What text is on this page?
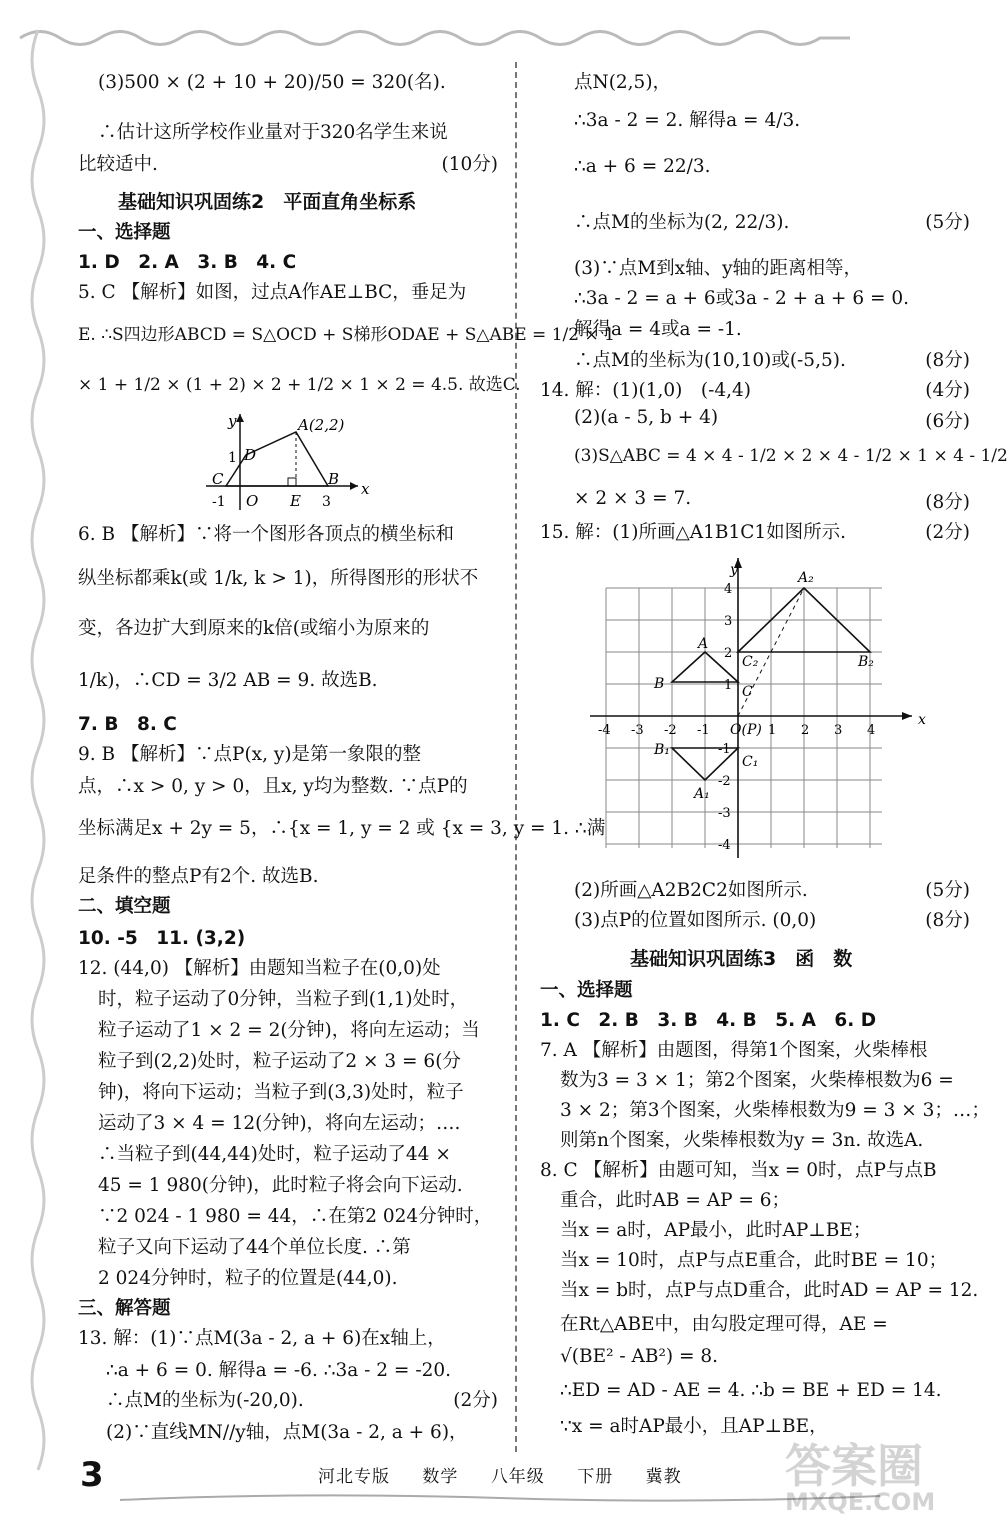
(3)500 × (2 + 10 + 20)/50 = 320(名).
∴估计这所学校作业量对于320名学生来说
比较适中.	(10分)
基础知识巩固练2　平面直角坐标系
一、选择题
1. D　2. A　3. B　4. C
5. C 【解析】如图，过点A作AE⊥BC，垂足为
E. ∴S四边形ABCD = S△OCD + S梯形ODAE + S△ABE = 1/2 × 1
× 1 + 1/2 × (1 + 2) × 2 + 1/2 × 1 × 2 = 4.5. 故选C.
y
x
A(2,2)
D
C	B
E
O
1
-1	3
6. B 【解析】∵将一个图形各顶点的横坐标和
纵坐标都乘k(或 1/k, k > 1)，所得图形的形状不
变，各边扩大到原来的k倍(或缩小为原来的
1/k)，∴CD = 3/2 AB = 9. 故选B.
7. B　8. C
9. B 【解析】∵点P(x, y)是第一象限的整
点，∴x > 0, y > 0，且x, y均为整数. ∵点P的
坐标满足x + 2y = 5，∴{x = 1, y = 2 或 {x = 3, y = 1. ∴满
足条件的整点P有2个. 故选B.
二、填空题
10. -5　11. (3,2)
12. (44,0) 【解析】由题知当粒子在(0,0)处
时，粒子运动了0分钟，当粒子到(1,1)处时，
粒子运动了1 × 2 = 2(分钟)，将向左运动；当
粒子到(2,2)处时，粒子运动了2 × 3 = 6(分
钟)，将向下运动；当粒子到(3,3)处时，粒子
运动了3 × 4 = 12(分钟)，将向左运动；….
∴当粒子到(44,44)处时，粒子运动了44 ×
45 = 1 980(分钟)，此时粒子将会向下运动.
∵2 024 - 1 980 = 44，∴在第2 024分钟时，
粒子又向下运动了44个单位长度. ∴第
2 024分钟时，粒子的位置是(44,0).
三、解答题
13. 解：(1)∵点M(3a - 2, a + 6)在x轴上，
∴a + 6 = 0. 解得a = -6. ∴3a - 2 = -20.
∴点M的坐标为(-20,0).	(2分)
(2)∵直线MN//y轴，点M(3a - 2, a + 6)，
点N(2,5)，
∴3a - 2 = 2. 解得a = 4/3.
∴a + 6 = 22/3.
∴点M的坐标为(2, 22/3).	(5分)
(3)∵点M到x轴、y轴的距离相等，
∴3a - 2 = a + 6或3a - 2 + a + 6 = 0.
解得a = 4或a = -1.
∴点M的坐标为(10,10)或(-5,5).	(8分)
14. 解：(1)(1,0)　(-4,4)	(4分)
(2)(a - 5, b + 4)	(6分)
(3)S△ABC = 4 × 4 - 1/2 × 2 × 4 - 1/2 × 1 × 4 - 1/2
× 2 × 3 = 7.	(8分)
15. 解：(1)所画△A1B1C1如图所示.	(2分)
y
x
A
B	C
A₁
B₁
C₁
A₂
B₂
C₂
O(P)
-4 -3 -2 -1	1 2 3 4
4
3
2
1
-1
-2
-3
-4
(2)所画△A2B2C2如图所示.	(5分)
(3)点P的位置如图所示. (0,0)	(8分)
基础知识巩固练3　函　数
一、选择题
1. C　2. B　3. B　4. B　5. A　6. D
7. A 【解析】由题图，得第1个图案，火柴棒根
数为3 = 3 × 1；第2个图案，火柴棒根数为6 =
3 × 2；第3个图案，火柴棒根数为9 = 3 × 3；…；
则第n个图案，火柴棒根数为y = 3n. 故选A.
8. C 【解析】由题可知，当x = 0时，点P与点B
重合，此时AB = AP = 6；
当x = a时，AP最小，此时AP⊥BE；
当x = 10时，点P与点E重合，此时BE = 10；
当x = b时，点P与点D重合，此时AD = AP = 12.
在Rt△ABE中，由勾股定理可得，AE =
√(BE² - AB²) = 8.
∴ED = AD - AE = 4. ∴b = BE + ED = 14.
∵x = a时AP最小，且AP⊥BE，
3	河北专版 数学 八年级 下册 冀教	答案圈
MXQE.COM
